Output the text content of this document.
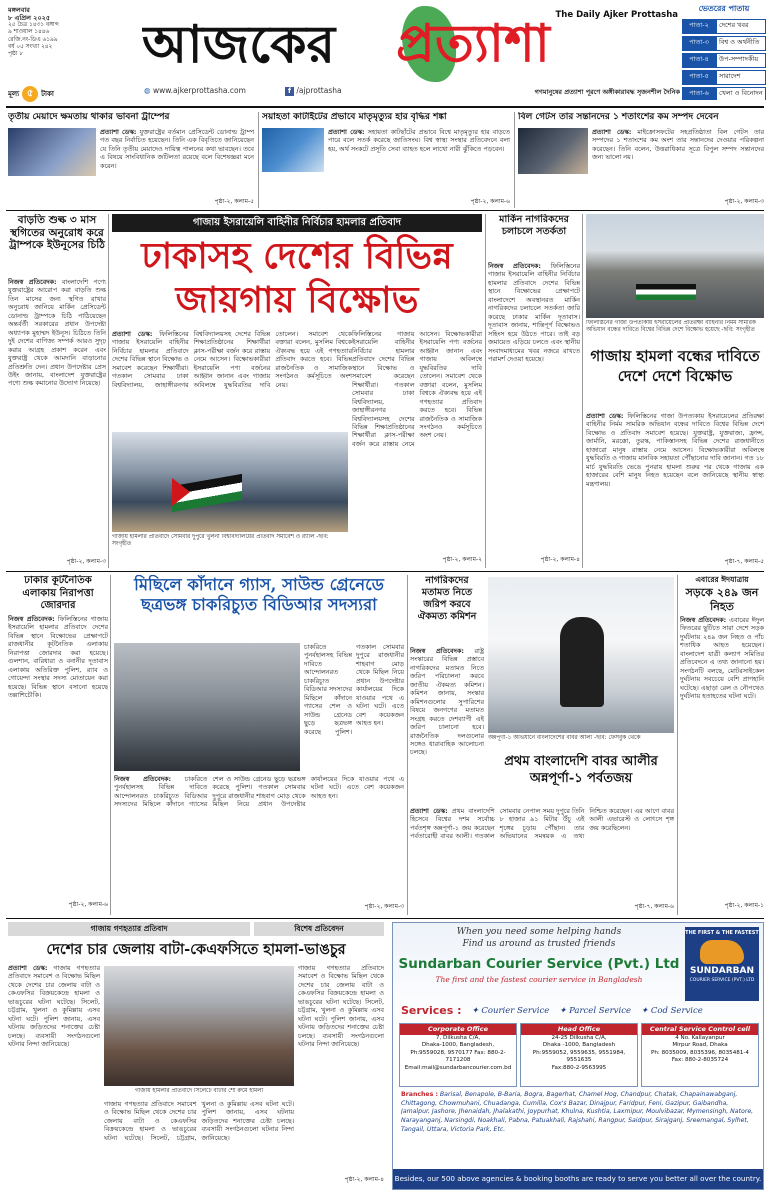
মঙ্গলবার
৮ এপ্রিল ২০২৫
২৫ চৈত্র ১৪৩১ বঙ্গাব্দ
৯ শাওয়াল ১৪৪৬
রেজি.নং-ডিএ ৬১৯৯
বর্ষ ০৫ সংখ্যা ২৪২
পৃষ্ঠা ৮
মূল্য ৫	টাকা
আজকের	প্রত্যাশা The Daily Ajker Prottasha
◍ www.ajkerprottasha.com	f /ajprottasha	গণমানুষের প্রত্যাশা পূরণে অঙ্গীকারাবদ্ধ সৃজনশীল দৈনিক
ভেতরের পাতায়
পাতা-২	দেশের খবর
পাতা-৩	বিশ্ব ও অর্থনীতি
পাতা-৪	উপ-সম্পাদকীয়
পাতা-৫	সারাদেশ
পাতা-৬	খেলা ও বিনোদন
তৃতীয় মেয়াদে ক্ষমতায় থাকার ভাবনা ট্রাম্পের
প্রত্যাশা ডেস্ক: যুক্তরাষ্ট্রের বর্তমান প্রেসিডেন্ট ডোনাল্ড ট্রাম্প গত বছর নির্বাচিত হয়েছেন। তিনি এক বিবৃতিতে জানিয়েছেন যে তিনি তৃতীয় মেয়াদেও দায়িত্ব পালনের কথা ভাবছেন। তবে এ বিষয়ে সাংবিধানিক জটিলতা রয়েছে বলে বিশেষজ্ঞরা মনে করেন।
পৃষ্ঠা-২, কলাম-৫
সয়াহতা কাটাইটের প্রভাবে মাতৃমৃত্যুর হার বৃদ্ধির শঙ্কা
প্রত্যাশা ডেস্ক: সহায়তা কাটছাঁটের প্রভাবে বিশ্বে মাতৃমৃত্যুর হার বাড়তে পারে বলে সতর্ক করেছে জাতিসংঘ। বিশ্ব স্বাস্থ্য সংস্থার প্রতিবেদনে বলা হয়, অর্থ সংকটে প্রসূতি সেবা ব্যাহত হলে লাখো নারী ঝুঁকিতে পড়বেন।
পৃষ্ঠা-২, কলাম-৬
বিল গেটস তার সন্তানদের ১ শতাংশের কম সম্পদ দেবেন
প্রত্যাশা ডেস্ক: মাইক্রোসফটের সহপ্রতিষ্ঠাতা বিল গেটস তার সম্পদের ১ শতাংশের কম অংশ তার সন্তানদের দেওয়ার পরিকল্পনা করেছেন। তিনি বলেন, উত্তরাধিকার সূত্রে বিপুল সম্পদ সন্তানদের জন্য ভালো নয়।
পৃষ্ঠা-২, কলাম-৩
বাড়তি শুল্ক ৩ মাস স্থগিতের অনুরোধ করে ট্রাম্পকে ইউনূসের চিঠি
নিজস্ব প্রতিবেদক: বাংলাদেশি পণ্যে যুক্তরাষ্ট্রের আরোপ করা বাড়তি শুল্ক তিন মাসের জন্য স্থগিত রাখার অনুরোধ জানিয়ে মার্কিন প্রেসিডেন্ট ডোনাল্ড ট্রাম্পকে চিঠি পাঠিয়েছেন অন্তর্বর্তী সরকারের প্রধান উপদেষ্টা অধ্যাপক মুহাম্মদ ইউনূস। চিঠিতে তিনি দুই দেশের বাণিজ্য সম্পর্ক আরও সুদৃঢ় করার আগ্রহ প্রকাশ করেন এবং যুক্তরাষ্ট্র থেকে আমদানি বাড়ানোর প্রতিশ্রুতি দেন। প্রধান উপদেষ্টার প্রেস উইং জানায়, বাংলাদেশ যুক্তরাষ্ট্রের পণ্যে শুল্ক কমানোর উদ্যোগ নিয়েছে।
পৃষ্ঠা-২, কলাম-৩
গাজায় ইসরায়েলি বাহিনীর নির্বিচার হামলার প্রতিবাদ
ঢাকাসহ দেশের বিভিন্ন জায়গায় বিক্ষোভ
প্রত্যাশা ডেস্ক: ফিলিস্তিনের গাজায় ইসরায়েলি বাহিনীর নির্বিচার হামলার প্রতিবাদে দেশের বিভিন্ন স্থানে বিক্ষোভ ও সমাবেশ করেছেন শিক্ষার্থীরা। গতকাল সোমবার ঢাকা বিশ্ববিদ্যালয়, জাহাঙ্গীরনগর বিশ্ববিদ্যালয়সহ দেশের বিভিন্ন শিক্ষাপ্রতিষ্ঠানের শিক্ষার্থীরা ক্লাস-পরীক্ষা বর্জন করে রাস্তায় নেমে আসেন। বিক্ষোভকারীরা ইসরায়েলি পণ্য বর্জনের আহ্বান জানান এবং গাজায় অবিলম্বে যুদ্ধবিরতির দাবি তোলেন। সমাবেশ থেকে বক্তারা বলেন, মুসলিম বিশ্বকে ঐক্যবদ্ধ হয়ে এই গণহত্যার প্রতিবাদ করতে হবে। বিভিন্ন রাজনৈতিক ও সামাজিক সংগঠনও কর্মসূচিতে অংশ নেয়।
গাজায় হামলার প্রতিবাদে সোমবার দুপুরে খুলনা বিশ্ববিদ্যালয়ের প্রতিবাদ সমাবেশ ও র‍্যালি -ছবি: সংগৃহীত
ফিলিস্তিনের গাজায় ইসরায়েলি বাহিনীর নির্বিচার হামলার প্রতিবাদে দেশের বিভিন্ন স্থানে বিক্ষোভ ও সমাবেশ করেছেন শিক্ষার্থীরা। গতকাল সোমবার ঢাকা বিশ্ববিদ্যালয়, জাহাঙ্গীরনগর বিশ্ববিদ্যালয়সহ দেশের বিভিন্ন শিক্ষাপ্রতিষ্ঠানের শিক্ষার্থীরা ক্লাস-পরীক্ষা বর্জন করে রাস্তায় নেমে আসেন। বিক্ষোভকারীরা ইসরায়েলি পণ্য বর্জনের আহ্বান জানান এবং গাজায় অবিলম্বে যুদ্ধবিরতির দাবি তোলেন। সমাবেশ থেকে বক্তারা বলেন, মুসলিম বিশ্বকে ঐক্যবদ্ধ হয়ে এই গণহত্যার প্রতিবাদ করতে হবে। বিভিন্ন রাজনৈতিক ও সামাজিক সংগঠনও কর্মসূচিতে অংশ নেয়।
পৃষ্ঠা-২, কলাম-২
মার্কিন নাগরিকদের চলাচলে সতর্কতা
নিজস্ব প্রতিবেদক: ফিলিস্তিনের গাজায় ইসরায়েলি বাহিনীর নির্বিচার হামলার প্রতিবাদে দেশের বিভিন্ন স্থানে বিক্ষোভের প্রেক্ষাপটে বাংলাদেশে অবস্থানরত মার্কিন নাগরিকদের চলাচলে সতর্কতা জারি করেছে ঢাকার মার্কিন দূতাবাস। দূতাবাস জানায়, শান্তিপূর্ণ বিক্ষোভও সহিংস হয়ে উঠতে পারে। তাই বড় জমায়েত এড়িয়ে চলতে এবং স্থানীয় সংবাদমাধ্যমের খবর নজরে রাখতে পরামর্শ দেওয়া হয়েছে।
পৃষ্ঠা-২, কলাম-৪
ফিলিস্তিনের গাজা উপত্যকায় ইসরায়েলের প্রতিরক্ষা বাহিনীর নির্মম সামরিক অভিযান বন্ধের দাবিতে বিশ্বের বিভিন্ন দেশে বিক্ষোভ হয়েছে -ছবি: সংগৃহীত
গাজায় হামলা বন্ধের দাবিতে দেশে দেশে বিক্ষোভ
প্রত্যাশা ডেস্ক: ফিলিস্তিনের গাজা উপত্যকায় ইসরায়েলের প্রতিরক্ষা বাহিনীর নির্মম সামরিক অভিযান বন্ধের দাবিতে বিশ্বের বিভিন্ন দেশে বিক্ষোভ ও প্রতিবাদ সমাবেশ হয়েছে। যুক্তরাষ্ট্র, যুক্তরাজ্য, ফ্রান্স, জার্মানি, মরক্কো, তুরস্ক, পাকিস্তানসহ বিভিন্ন দেশের রাজধানীতে হাজারো মানুষ রাস্তায় নেমে আসেন। বিক্ষোভকারীরা অবিলম্বে যুদ্ধবিরতি ও গাজায় মানবিক সহায়তা পৌঁছানোর দাবি জানান। গত ১৮ মার্চ যুদ্ধবিরতি ভেঙে পুনরায় হামলা শুরুর পর থেকে গাজায় এক হাজারের বেশি মানুষ নিহত হয়েছেন বলে জানিয়েছে স্থানীয় স্বাস্থ্য মন্ত্রণালয়।
পৃষ্ঠা-৭, কলাম-৫
ঢাকার কূটনৈতিক এলাকায় নিরাপত্তা জোরদার
নিজস্ব প্রতিবেদক: ফিলিস্তিনের গাজায় ইসরায়েলি হামলার প্রতিবাদে দেশের বিভিন্ন স্থানে বিক্ষোভের প্রেক্ষাপটে রাজধানীর কূটনৈতিক এলাকায় নিরাপত্তা জোরদার করা হয়েছে। গুলশান, বারিধারা ও বনানীর দূতাবাস এলাকায় অতিরিক্ত পুলিশ, র‍্যাব ও গোয়েন্দা সংস্থার সদস্য মোতায়েন করা হয়েছে। বিভিন্ন স্থানে বসানো হয়েছে তল্লাশিচৌকি।
পৃষ্ঠা-২, কলাম-৬
মিছিলে কাঁদানে গ্যাস, সাউন্ড গ্রেনেডে ছত্রভঙ্গ চাকরিচ্যুত বিডিআর সদস্যরা
চাকরিতে পুনর্বহালসহ বিভিন্ন দাবিতে আন্দোলনরত চাকরিচ্যুত বিডিআর সদস্যদের মিছিলে কাঁদানে গ্যাসের শেল ও সাউন্ড গ্রেনেড ছুড়ে ছত্রভঙ্গ করেছে পুলিশ। গতকাল সোমবার দুপুরে রাজধানীর শাহবাগ মোড় থেকে মিছিল নিয়ে প্রধান উপদেষ্টার কার্যালয়ের দিকে যাওয়ার পথে এ ঘটনা ঘটে। এতে বেশ কয়েকজন আহত হন।
নিজস্ব প্রতিবেদক: চাকরিতে পুনর্বহালসহ বিভিন্ন দাবিতে আন্দোলনরত চাকরিচ্যুত বিডিআর সদস্যদের মিছিলে কাঁদানে গ্যাসের শেল ও সাউন্ড গ্রেনেড ছুড়ে ছত্রভঙ্গ করেছে পুলিশ। গতকাল সোমবার দুপুরে রাজধানীর শাহবাগ মোড় থেকে মিছিল নিয়ে প্রধান উপদেষ্টার কার্যালয়ের দিকে যাওয়ার পথে এ ঘটনা ঘটে। এতে বেশ কয়েকজন আহত হন।
পৃষ্ঠা-২, কলাম-৩
নাগরিকদের মতামত নিতে জরিপ করবে ঐকমত্য কমিশন
নিজস্ব প্রতিবেদক: রাষ্ট্র সংস্কারের বিভিন্ন প্রস্তাবে নাগরিকদের মতামত নিতে জরিপ পরিচালনা করবে জাতীয় ঐকমত্য কমিশন। কমিশন জানায়, সংস্কার কমিশনগুলোর সুপারিশের বিষয়ে জনগণের মতামত সংগ্রহ করতে দেশব্যাপী এই জরিপ চালানো হবে। রাজনৈতিক দলগুলোর সঙ্গেও ধারাবাহিক আলোচনা চলছে।
অন্নপূর্ণা-১ অভিযানে বাংলাদেশের বাবর আলী -ছবি: ফেসবুক থেকে
প্রথম বাংলাদেশি বাবর আলীর অন্নপূর্ণা-১ পর্বতজয়
প্রত্যাশা ডেস্ক: প্রথম বাংলাদেশি হিসেবে বিশ্বের দশম সর্বোচ্চ পর্বতশৃঙ্গ অন্নপূর্ণা-১ জয় করেছেন পর্বতারোহী বাবর আলী। গতকাল সোমবার নেপাল সময় দুপুরে তিনি ৮ হাজার ৯১ মিটার উঁচু এই শৃঙ্গের চূড়ায় পৌঁছান। তার অভিযানের সমন্বয়ক এ তথ্য নিশ্চিত করেছেন। এর আগে বাবর আলী এভারেস্ট ও লোৎসে শৃঙ্গ জয় করেছিলেন।
পৃষ্ঠা-৭, কলাম-৬
এবারের ঈদযাত্রায়
সড়কে ২৪৯ জন নিহত
নিজস্ব প্রতিবেদক: এবারের ঈদুল ফিতরের ছুটিতে সারা দেশে সড়ক দুর্ঘটনায় ২৪৯ জন নিহত ও পাঁচ শতাধিক আহত হয়েছেন। বাংলাদেশ যাত্রী কল্যাণ সমিতির প্রতিবেদনে এ তথ্য জানানো হয়। সংগঠনটি বলছে, মোটরসাইকেল দুর্ঘটনায় সবচেয়ে বেশি প্রাণহানি ঘটেছে। এছাড়া রেল ও নৌপথেও দুর্ঘটনায় হতাহতের ঘটনা ঘটে।
পৃষ্ঠা-২, কলাম-১
গাজায় গণহত্যার প্রতিবাদ	বিশেষ প্রতিবেদন
দেশের চার জেলায় বাটা-কেএফসিতে হামলা-ভাঙচুর
প্রত্যাশা ডেস্ক: গাজায় গণহত্যার প্রতিবাদে সমাবেশ ও বিক্ষোভ মিছিল থেকে দেশের চার জেলায় বাটা ও কেএফসির বিক্রয়কেন্দ্রে হামলা ও ভাঙচুরের ঘটনা ঘটেছে। সিলেট, চট্টগ্রাম, খুলনা ও কুমিল্লায় এসব ঘটনা ঘটে। পুলিশ জানায়, এসব ঘটনায় জড়িতদের শনাক্তের চেষ্টা চলছে। ব্যবসায়ী সংগঠনগুলো ঘটনার নিন্দা জানিয়েছে।
গাজায় হামলার প্রতিবাদে সিলেটে বাটার শো রুমে হামলা
গাজায় গণহত্যার প্রতিবাদে সমাবেশ ও বিক্ষোভ মিছিল থেকে দেশের চার জেলায় বাটা ও কেএফসির বিক্রয়কেন্দ্রে হামলা ও ভাঙচুরের ঘটনা ঘটেছে। সিলেট, চট্টগ্রাম, খুলনা ও কুমিল্লায় এসব ঘটনা ঘটে। পুলিশ জানায়, এসব ঘটনায় জড়িতদের শনাক্তের চেষ্টা চলছে। ব্যবসায়ী সংগঠনগুলো ঘটনার নিন্দা জানিয়েছে।
গাজায় গণহত্যার প্রতিবাদে সমাবেশ ও বিক্ষোভ মিছিল থেকে দেশের চার জেলায় বাটা ও কেএফসির বিক্রয়কেন্দ্রে হামলা ও ভাঙচুরের ঘটনা ঘটেছে। সিলেট, চট্টগ্রাম, খুলনা ও কুমিল্লায় এসব ঘটনা ঘটে। পুলিশ জানায়, এসব ঘটনায় জড়িতদের শনাক্তের চেষ্টা চলছে। ব্যবসায়ী সংগঠনগুলো ঘটনার নিন্দা জানিয়েছে।
পৃষ্ঠা-২, কলাম-৪
When you need some helping hands
Find us around as trusted friends
Sundarban Courier Service (Pvt.) Ltd
The first and the fastest courier service in Bangladesh
THE FIRST & THE FASTEST
SUNDARBAN
COURIER SERVICE (PVT.) LTD
Services : ✦ Courier Service ✦ Parcel Service ✦ Cod Service
Corporate Office
7, Dilkusha C/A,
Dhaka-1000, Bangladesh,
Ph:9559028, 9570177 Fax: 880-2-7171208
Email:mail@sundarbancourier.com.bd
Head Office
24-25 Dilkusha C/A,
Dhaka -1000, Bangladesh
Ph:9559052, 9559635, 9551984, 9551635
Fax:880-2-9563995
Central Service Control cell
4 No. Kallayanpur
Mirpur Road, Dhaka
Ph: 8035009, 8035396, 8035481-4
Fax: 880-2-8035724
Branches : Barisal, Benapole, B-Baria, Bogra, Bagerhat, Chamel Hog, Chandpur, Chatak, Chapainawabganj, Chittagong, Chowmuhani, Chuadanga, Cumilla, Cox's Bazar, Dinajpur, Faridpur, Feni, Gazipur, Gaibandha, Jamalpur, Jashore, Jhenaidah, Jhalakathi, Joypurhat, Khulna, Kushtia, Laxmipur, Moulvibazar, Mymensingh, Natore, Narayanganj, Narsingdi, Noakhali, Pabna, Patuakhali, Rajshahi, Rangpur, Saidpur, Sirajganj, Sreemangal, Sylhet, Tangail, Uttara, Victoria Park, Etc.
Besides, our 500 above agencies & booking booths are ready to serve you better all over the country.
